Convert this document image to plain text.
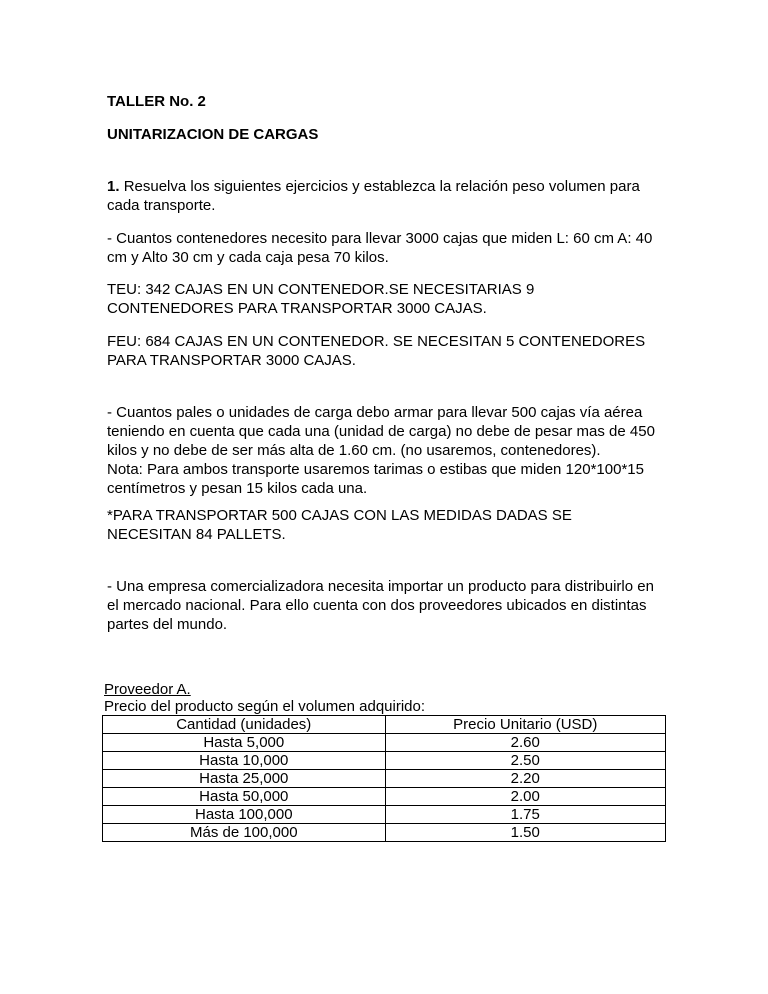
TALLER No. 2

UNITARIZACION DE CARGAS

1. Resuelva los siguientes ejercicios y establezca la relación peso volumen para
cada transporte.

- Cuantos contenedores necesito para llevar 3000 cajas que miden L: 60 cm A: 40
cm y Alto 30 cm y cada caja pesa 70 kilos.

TEU: 342 CAJAS EN UN CONTENEDOR.SE NECESITARIAS 9
CONTENEDORES PARA TRANSPORTAR 3000 CAJAS.

FEU: 684 CAJAS EN UN CONTENEDOR. SE NECESITAN 5 CONTENEDORES
PARA TRANSPORTAR 3000 CAJAS.

- Cuantos pales o unidades de carga debo armar para llevar 500 cajas vía aérea
teniendo en cuenta que cada una (unidad de carga) no debe de pesar mas de 450
kilos y no debe de ser más alta de 1.60 cm. (no usaremos, contenedores).
Nota: Para ambos transporte usaremos tarimas o estibas que miden 120*100*15
centímetros y pesan 15 kilos cada una.

*PARA TRANSPORTAR 500 CAJAS CON LAS MEDIDAS DADAS SE
NECESITAN 84 PALLETS.

- Una empresa comercializadora necesita importar un producto para distribuirlo en
el mercado nacional. Para ello cuenta con dos proveedores ubicados en distintas
partes del mundo.

Proveedor A.

Precio del producto según el volumen adquirido:

Cantidad (unidades)	Precio Unitario (USD)
Hasta 5,000	2.60
Hasta 10,000	2.50
Hasta 25,000	2.20
Hasta 50,000	2.00
Hasta 100,000	1.75
Más de 100,000	1.50
